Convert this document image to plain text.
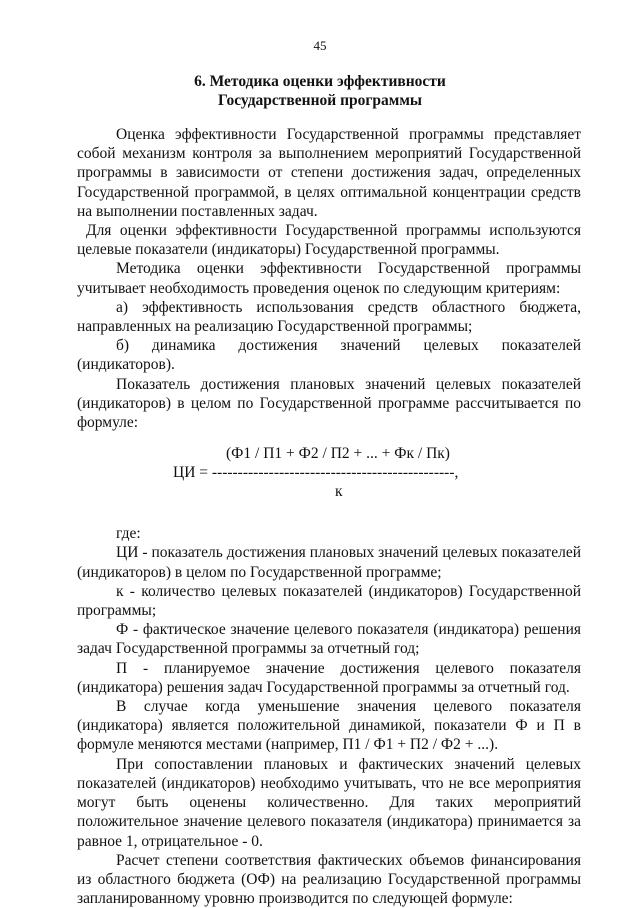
45
6. Методика оценки эффективности
Государственной программы

Оценка эффективности Государственной программы представляет собой механизм контроля за выполнением мероприятий Государственной программы в зависимости от степени достижения задач, определенных Государственной программой, в целях оптимальной концентрации средств на выполнении поставленных задач.

Для оценки эффективности Государственной программы используются целевые показатели (индикаторы) Государственной программы.

Методика оценки эффективности Государственной программы учитывает необходимость проведения оценок по следующим критериям:

а) эффективность использования средств областного бюджета, направленных на реализацию Государственной программы;

б) динамика достижения значений целевых показателей (индикаторов).

Показатель достижения плановых значений целевых показателей (индикаторов) в целом по Государственной программе рассчитывается по формуле:

(Ф1 / П1 + Ф2 / П2 + ... + Фк / Пк)
ЦИ = -----------------------------------------------,
к

где:

ЦИ - показатель достижения плановых значений целевых показателей (индикаторов) в целом по Государственной программе;

к - количество целевых показателей (индикаторов) Государственной программы;

Ф - фактическое значение целевого показателя (индикатора) решения задач Государственной программы за отчетный год;

П - планируемое значение достижения целевого показателя (индикатора) решения задач Государственной программы за отчетный год.

В случае когда уменьшение значения целевого показателя (индикатора) является положительной динамикой, показатели Ф и П в формуле меняются местами (например, П1 / Ф1 + П2 / Ф2 + ...).

При сопоставлении плановых и фактических значений целевых показателей (индикаторов) необходимо учитывать, что не все мероприятия могут быть оценены количественно. Для таких мероприятий положительное значение целевого показателя (индикатора) принимается за равное 1, отрицательное - 0.

Расчет степени соответствия фактических объемов финансирования из областного бюджета (ОФ) на реализацию Государственной программы запланированному уровню производится по следующей формуле:
